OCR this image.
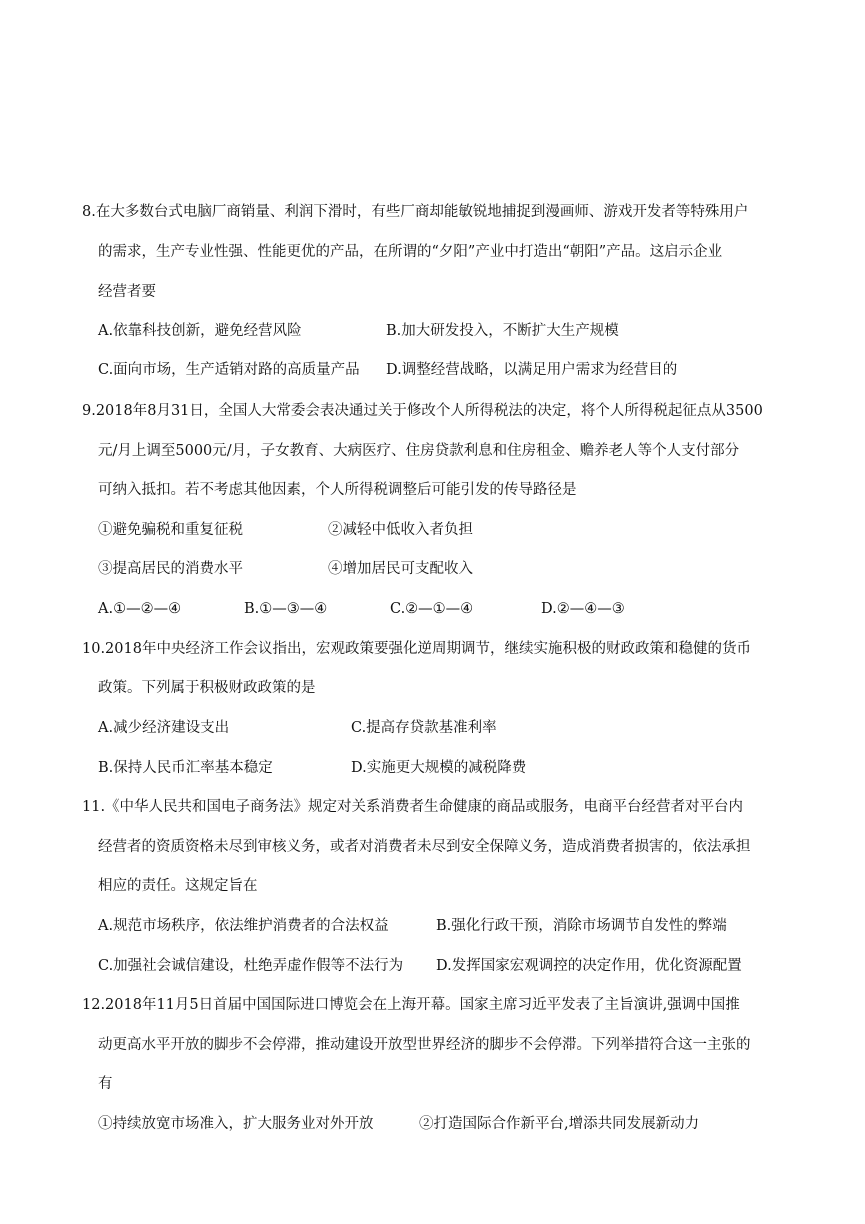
8.在大多数台式电脑厂商销量、利润下滑时，有些厂商却能敏锐地捕捉到漫画师、游戏开发者等特殊用户
的需求，生产专业性强、性能更优的产品，在所谓的“夕阳”产业中打造出“朝阳”产品。这启示企业
经营者要
A.依靠科技创新，避免经营风险	B.加大研发投入，不断扩大生产规模
C.面向市场，生产适销对路的高质量产品 D.调整经营战略，以满足用户需求为经营目的
9.2018年8月31日，全国人大常委会表决通过关于修改个人所得税法的决定，将个人所得税起征点从3500
元/月上调至5000元/月，子女教育、大病医疗、住房贷款利息和住房租金、赡养老人等个人支付部分
可纳入抵扣。若不考虑其他因素，个人所得税调整后可能引发的传导路径是
①避免骗税和重复征税	②减轻中低收入者负担
③提高居民的消费水平	④增加居民可支配收入
A.①—②—④	B.①—③—④	C.②—①—④	D.②—④—③
10.2018年中央经济工作会议指出，宏观政策要强化逆周期调节，继续实施积极的财政政策和稳健的货币
政策。下列属于积极财政政策的是
A.减少经济建设支出	C.提高存贷款基准利率
B.保持人民币汇率基本稳定	D.实施更大规模的减税降费
11.《中华人民共和国电子商务法》规定对关系消费者生命健康的商品或服务，电商平台经营者对平台内
经营者的资质资格未尽到审核义务，或者对消费者未尽到安全保障义务，造成消费者损害的，依法承担
相应的责任。这规定旨在
A.规范市场秩序，依法维护消费者的合法权益	B.强化行政干预，消除市场调节自发性的弊端
C.加强社会诚信建设，杜绝弄虚作假等不法行为 D.发挥国家宏观调控的决定作用，优化资源配置
12.2018年11月5日首届中国国际进口博览会在上海开幕。国家主席习近平发表了主旨演讲,强调中国推
动更高水平开放的脚步不会停滞，推动建设开放型世界经济的脚步不会停滞。下列举措符合这一主张的
有
①持续放宽市场准入，扩大服务业对外开放	②打造国际合作新平台,增添共同发展新动力
